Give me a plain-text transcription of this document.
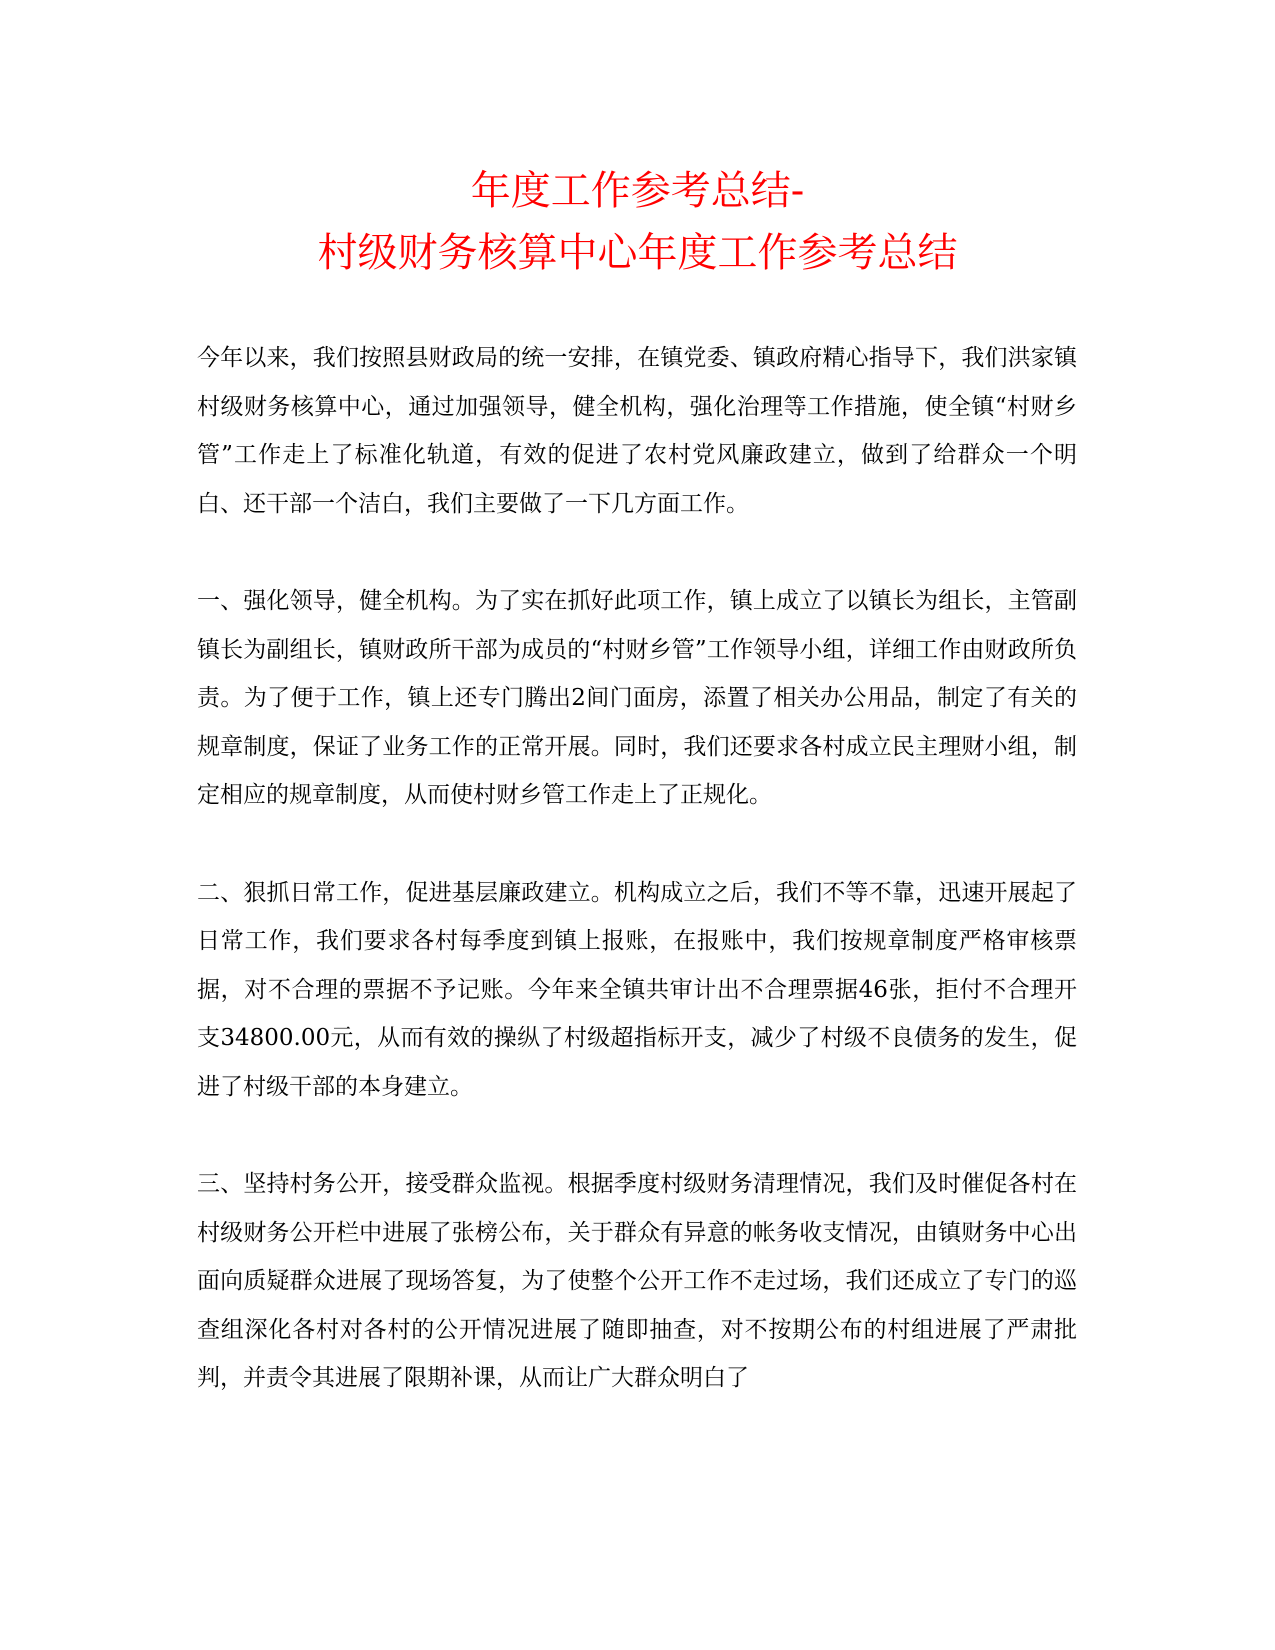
年度工作参考总结-
村级财务核算中心年度工作参考总结

今年以来，我们按照县财政局的统一安排，在镇党委、镇政府精心指导下，我们洪家镇村级财务核算中心，通过加强领导，健全机构，强化治理等工作措施，使全镇“村财乡管”工作走上了标准化轨道，有效的促进了农村党风廉政建立，做到了给群众一个明白、还干部一个洁白，我们主要做了一下几方面工作。

一、强化领导，健全机构。为了实在抓好此项工作，镇上成立了以镇长为组长，主管副镇长为副组长，镇财政所干部为成员的“村财乡管”工作领导小组，详细工作由财政所负责。为了便于工作，镇上还专门腾出2间门面房，添置了相关办公用品，制定了有关的规章制度，保证了业务工作的正常开展。同时，我们还要求各村成立民主理财小组，制定相应的规章制度，从而使村财乡管工作走上了正规化。

二、狠抓日常工作，促进基层廉政建立。机构成立之后，我们不等不靠，迅速开展起了日常工作，我们要求各村每季度到镇上报账，在报账中，我们按规章制度严格审核票据，对不合理的票据不予记账。今年来全镇共审计出不合理票据46张，拒付不合理开支34800.00元，从而有效的操纵了村级超指标开支，减少了村级不良债务的发生，促进了村级干部的本身建立。

三、坚持村务公开，接受群众监视。根据季度村级财务清理情况，我们及时催促各村在村级财务公开栏中进展了张榜公布，关于群众有异意的帐务收支情况，由镇财务中心出面向质疑群众进展了现场答复，为了使整个公开工作不走过场，我们还成立了专门的巡查组深化各村对各村的公开情况进展了随即抽查，对不按期公布的村组进展了严肃批判，并责令其进展了限期补课，从而让广大群众明白了
